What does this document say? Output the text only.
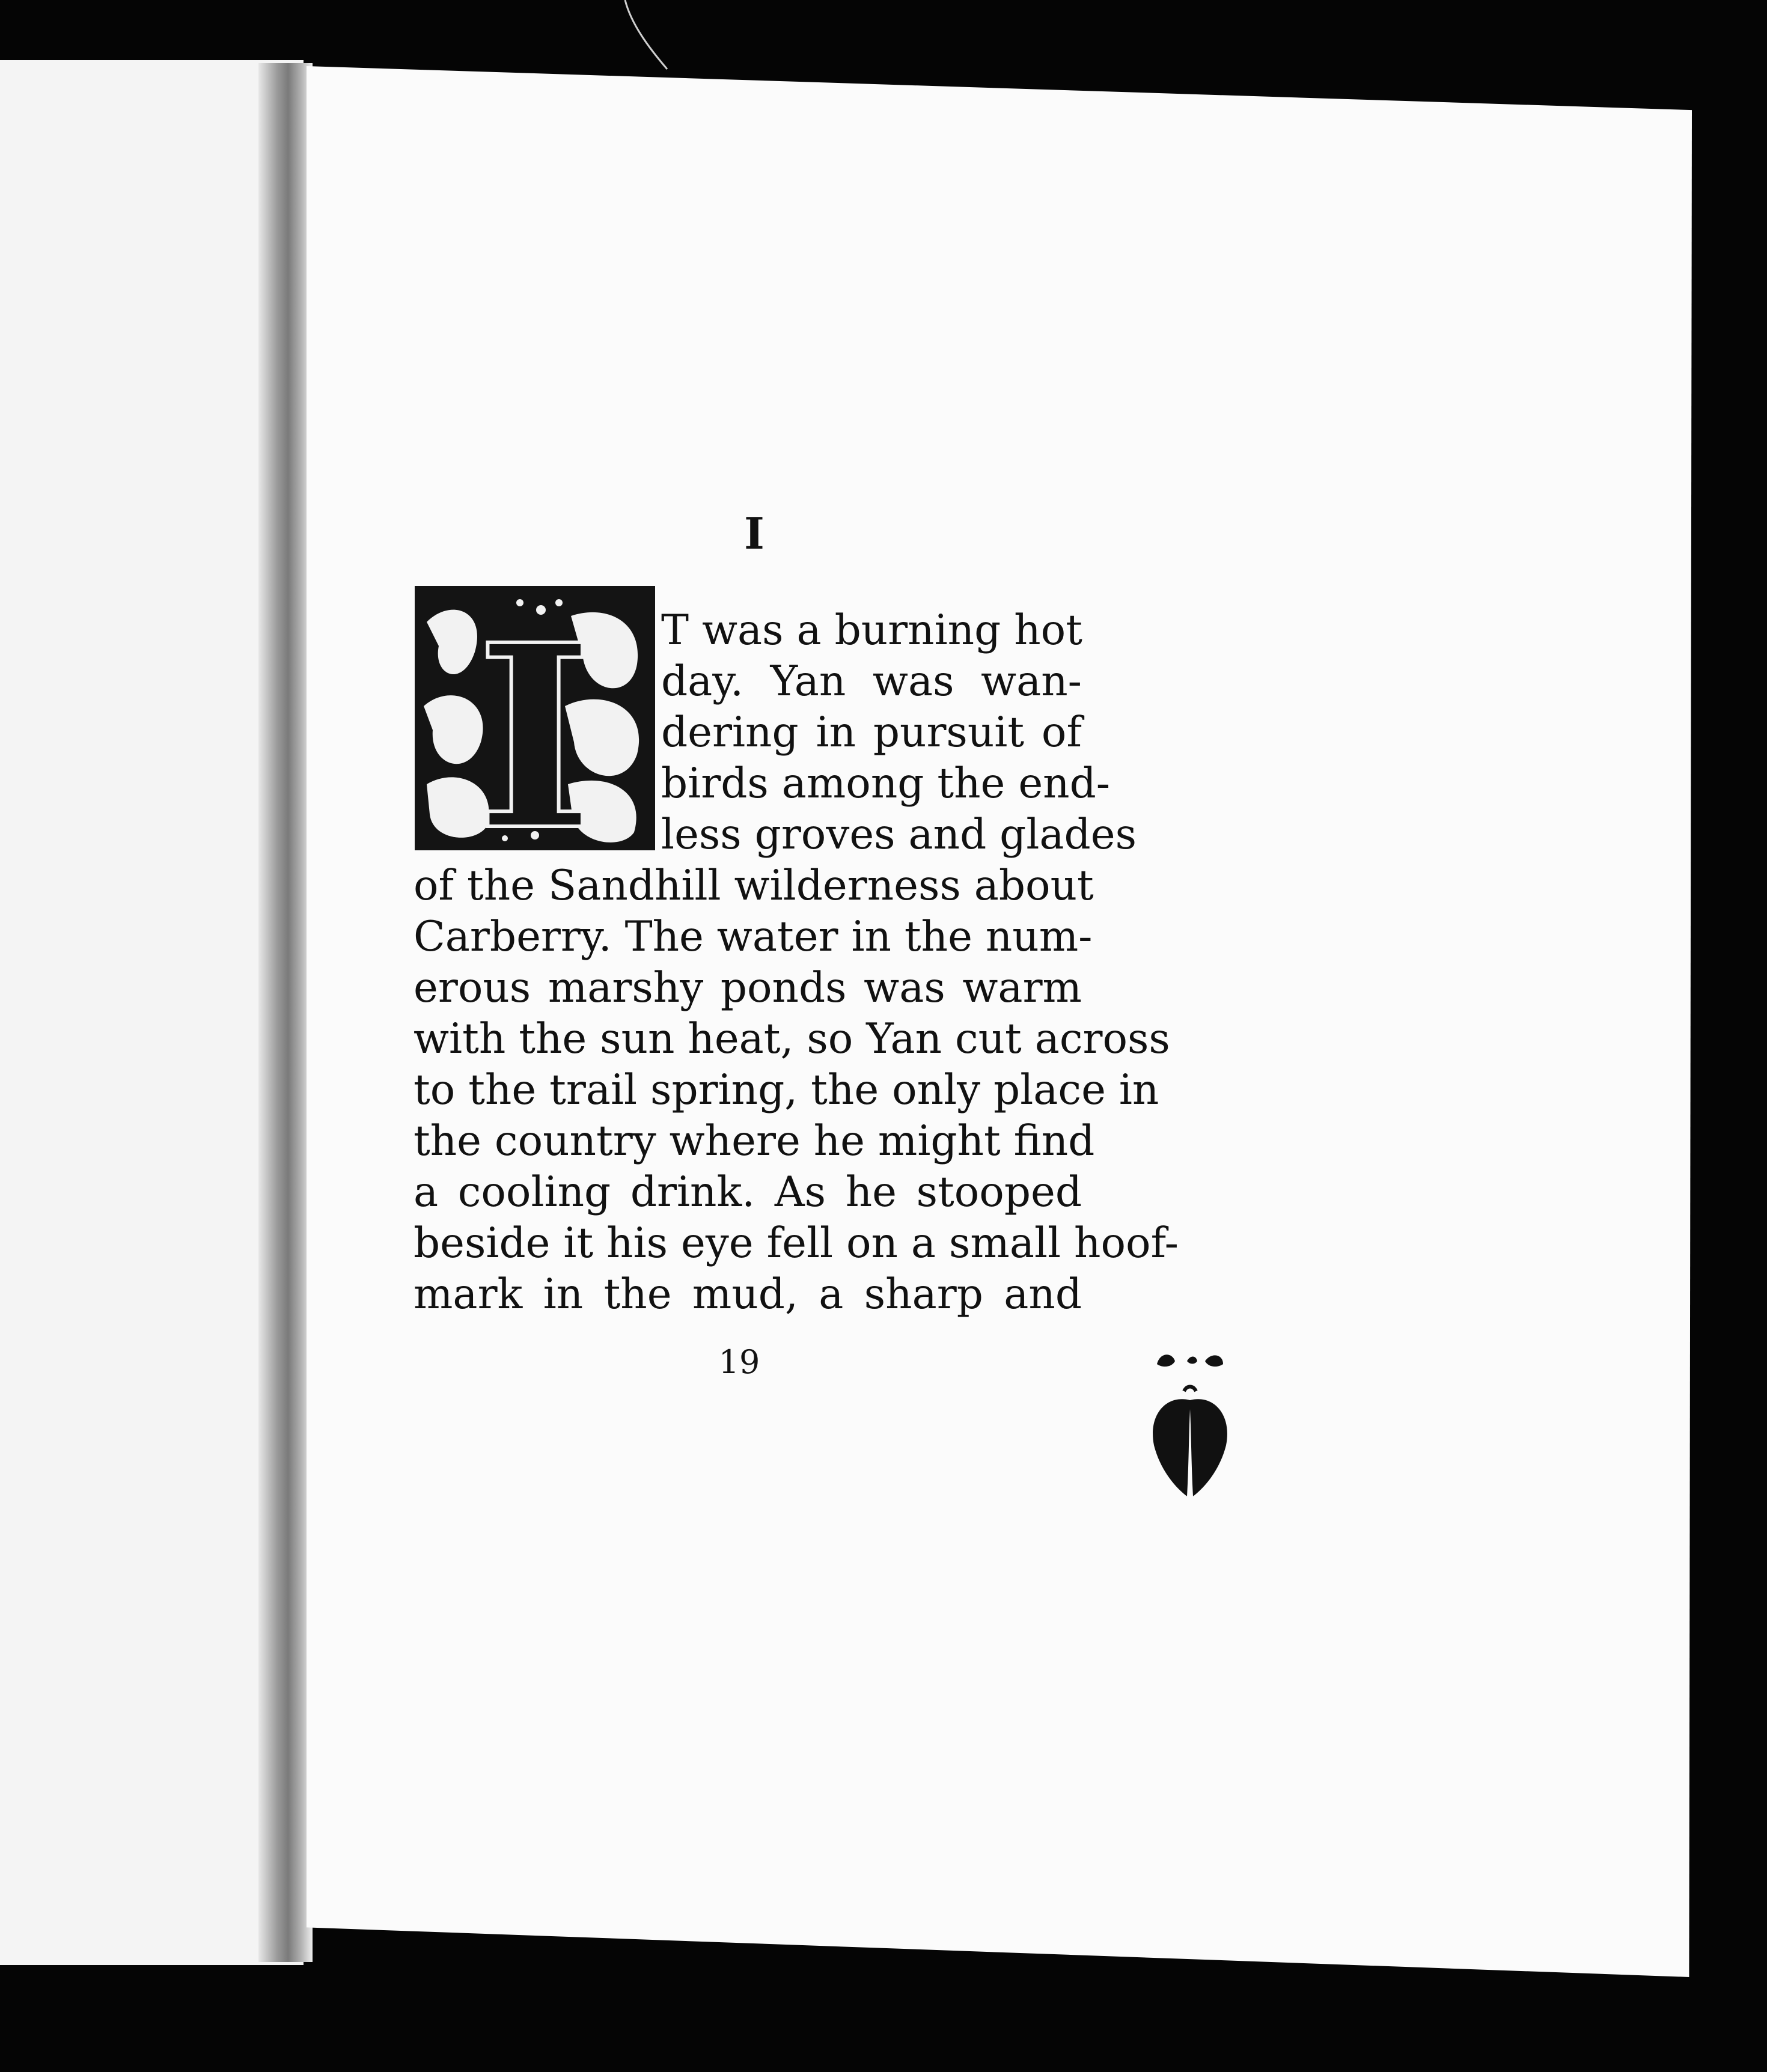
I
I T was a burning hot
day. Yan was wan-
dering in pursuit of
birds among the end-
less groves and glades
of the Sandhill wilderness about
Carberry. The water in the num-
erous marshy ponds was warm
with the sun heat, so Yan cut across
to the trail spring, the only place in
the country where he might find
a cooling drink. As he stooped
beside it his eye fell on a small hoof-
mark in the mud, a sharp and
19
